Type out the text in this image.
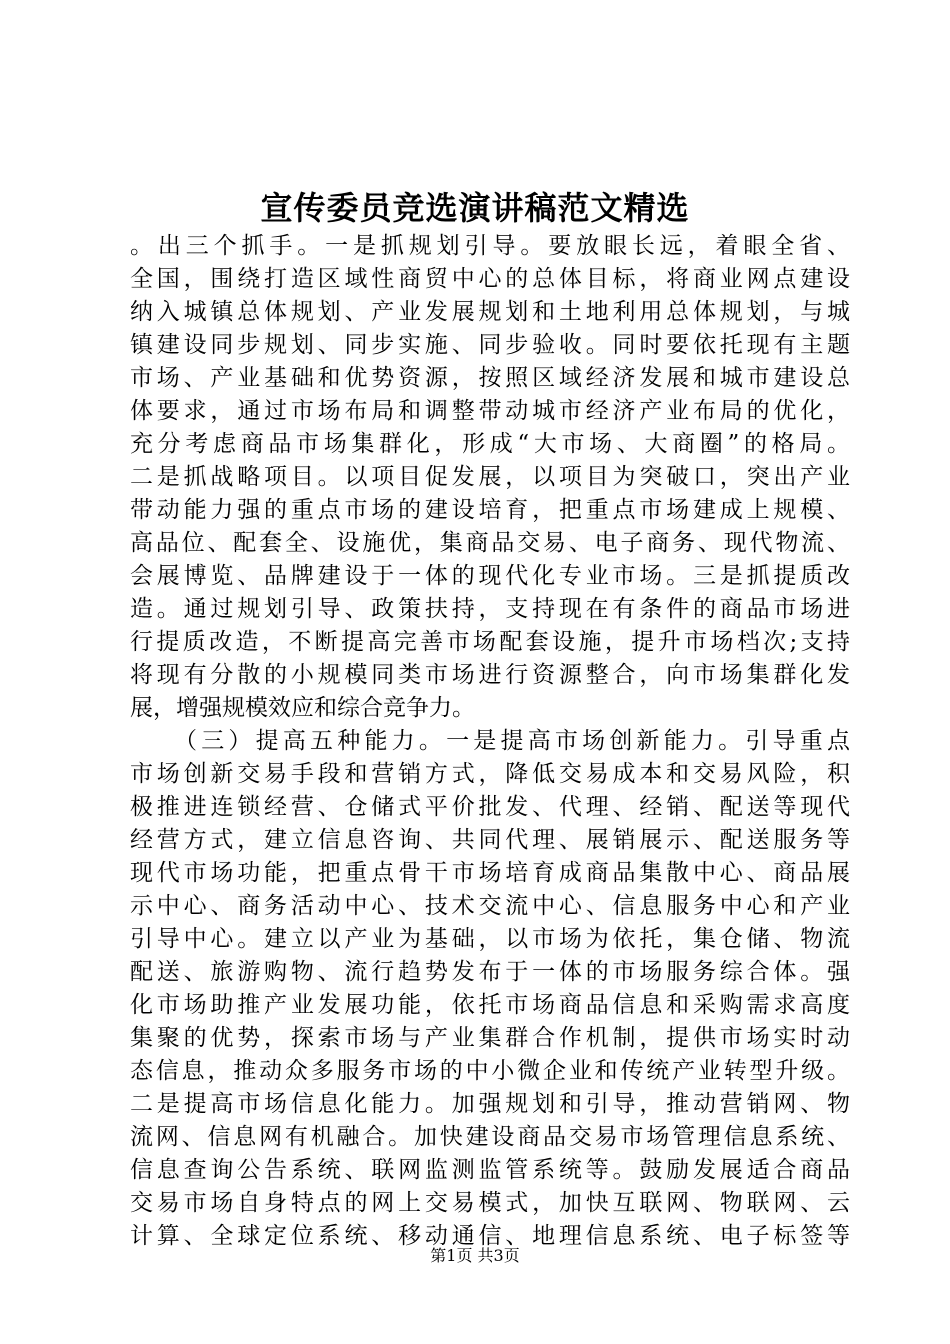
宣传委员竞选演讲稿范文精选
。出三个抓手。一是抓规划引导。要放眼长远，着眼全省、
全国，围绕打造区域性商贸中心的总体目标，将商业网点建设
纳入城镇总体规划、产业发展规划和土地利用总体规划，与城
镇建设同步规划、同步实施、同步验收。同时要依托现有主题
市场、产业基础和优势资源，按照区域经济发展和城市建设总
体要求，通过市场布局和调整带动城市经济产业布局的优化，
充分考虑商品市场集群化，形成“大市场、大商圈”的格局。
二是抓战略项目。以项目促发展，以项目为突破口，突出产业
带动能力强的重点市场的建设培育，把重点市场建成上规模、
高品位、配套全、设施优，集商品交易、电子商务、现代物流、
会展博览、品牌建设于一体的现代化专业市场。三是抓提质改
造。通过规划引导、政策扶持，支持现在有条件的商品市场进
行提质改造，不断提高完善市场配套设施，提升市场档次;支持
将现有分散的小规模同类市场进行资源整合，向市场集群化发
展，增强规模效应和综合竞争力。
（三）提高五种能力。一是提高市场创新能力。引导重点
市场创新交易手段和营销方式，降低交易成本和交易风险，积
极推进连锁经营、仓储式平价批发、代理、经销、配送等现代
经营方式，建立信息咨询、共同代理、展销展示、配送服务等
现代市场功能，把重点骨干市场培育成商品集散中心、商品展
示中心、商务活动中心、技术交流中心、信息服务中心和产业
引导中心。建立以产业为基础，以市场为依托，集仓储、物流
配送、旅游购物、流行趋势发布于一体的市场服务综合体。强
化市场助推产业发展功能，依托市场商品信息和采购需求高度
集聚的优势，探索市场与产业集群合作机制，提供市场实时动
态信息，推动众多服务市场的中小微企业和传统产业转型升级。
二是提高市场信息化能力。加强规划和引导，推动营销网、物
流网、信息网有机融合。加快建设商品交易市场管理信息系统、
信息查询公告系统、联网监测监管系统等。鼓励发展适合商品
交易市场自身特点的网上交易模式，加快互联网、物联网、云
计算、全球定位系统、移动通信、地理信息系统、电子标签等
第1页 共3页
